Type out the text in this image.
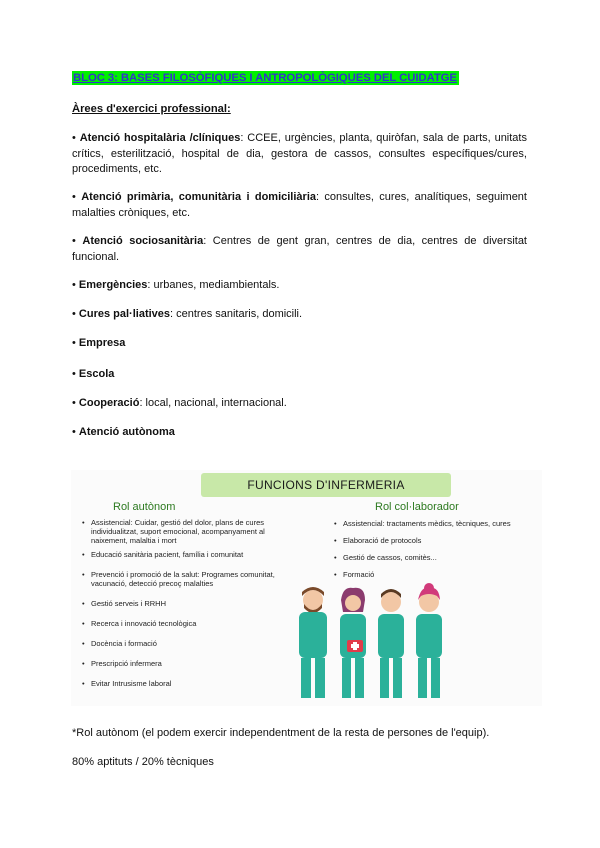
BLOC 3: BASES FILOSÒFIQUES I ANTROPOLÒGIQUES DEL CUIDATGE
Àrees d'exercici professional:
• Atenció hospitalària /clíniques: CCEE, urgències, planta, quiròfan, sala de parts, unitats crítics, esterilització, hospital de dia, gestora de cassos, consultes específiques/cures, procediments, etc.
• Atenció primària, comunitària i domiciliària: consultes, cures, analítiques, seguiment malalties cròniques, etc.
• Atenció sociosanitària: Centres de gent gran, centres de dia, centres de diversitat funcional.
• Emergències: urbanes, mediambientals.
• Cures pal·liatives: centres sanitaris, domicili.
• Empresa
• Escola
• Cooperació: local, nacional, internacional.
• Atenció autònoma
FUNCIONS D'INFERMERIA
Rol autònom
• Assistencial: Cuidar, gestió del dolor, plans de cures individualitzat, suport emocional, acompanyament al naixement, malaltia i mort
• Educació sanitària pacient, família i comunitat
• Prevenció i promoció de la salut: Programes comunitat, vacunació, detecció precoç malalties
• Gestió serveis i RRHH
• Recerca i innovació tecnològica
• Docència i formació
• Prescripció infermera
• Evitar Intrusisme laboral
Rol col·laborador
• Assistencial: tractaments mèdics, tècniques, cures
• Elaboració de protocols
• Gestió de cassos, comitès...
• Formació
*Rol autònom (el podem exercir independentment de la resta de persones de l'equip).
80% aptituts / 20% tècniques
